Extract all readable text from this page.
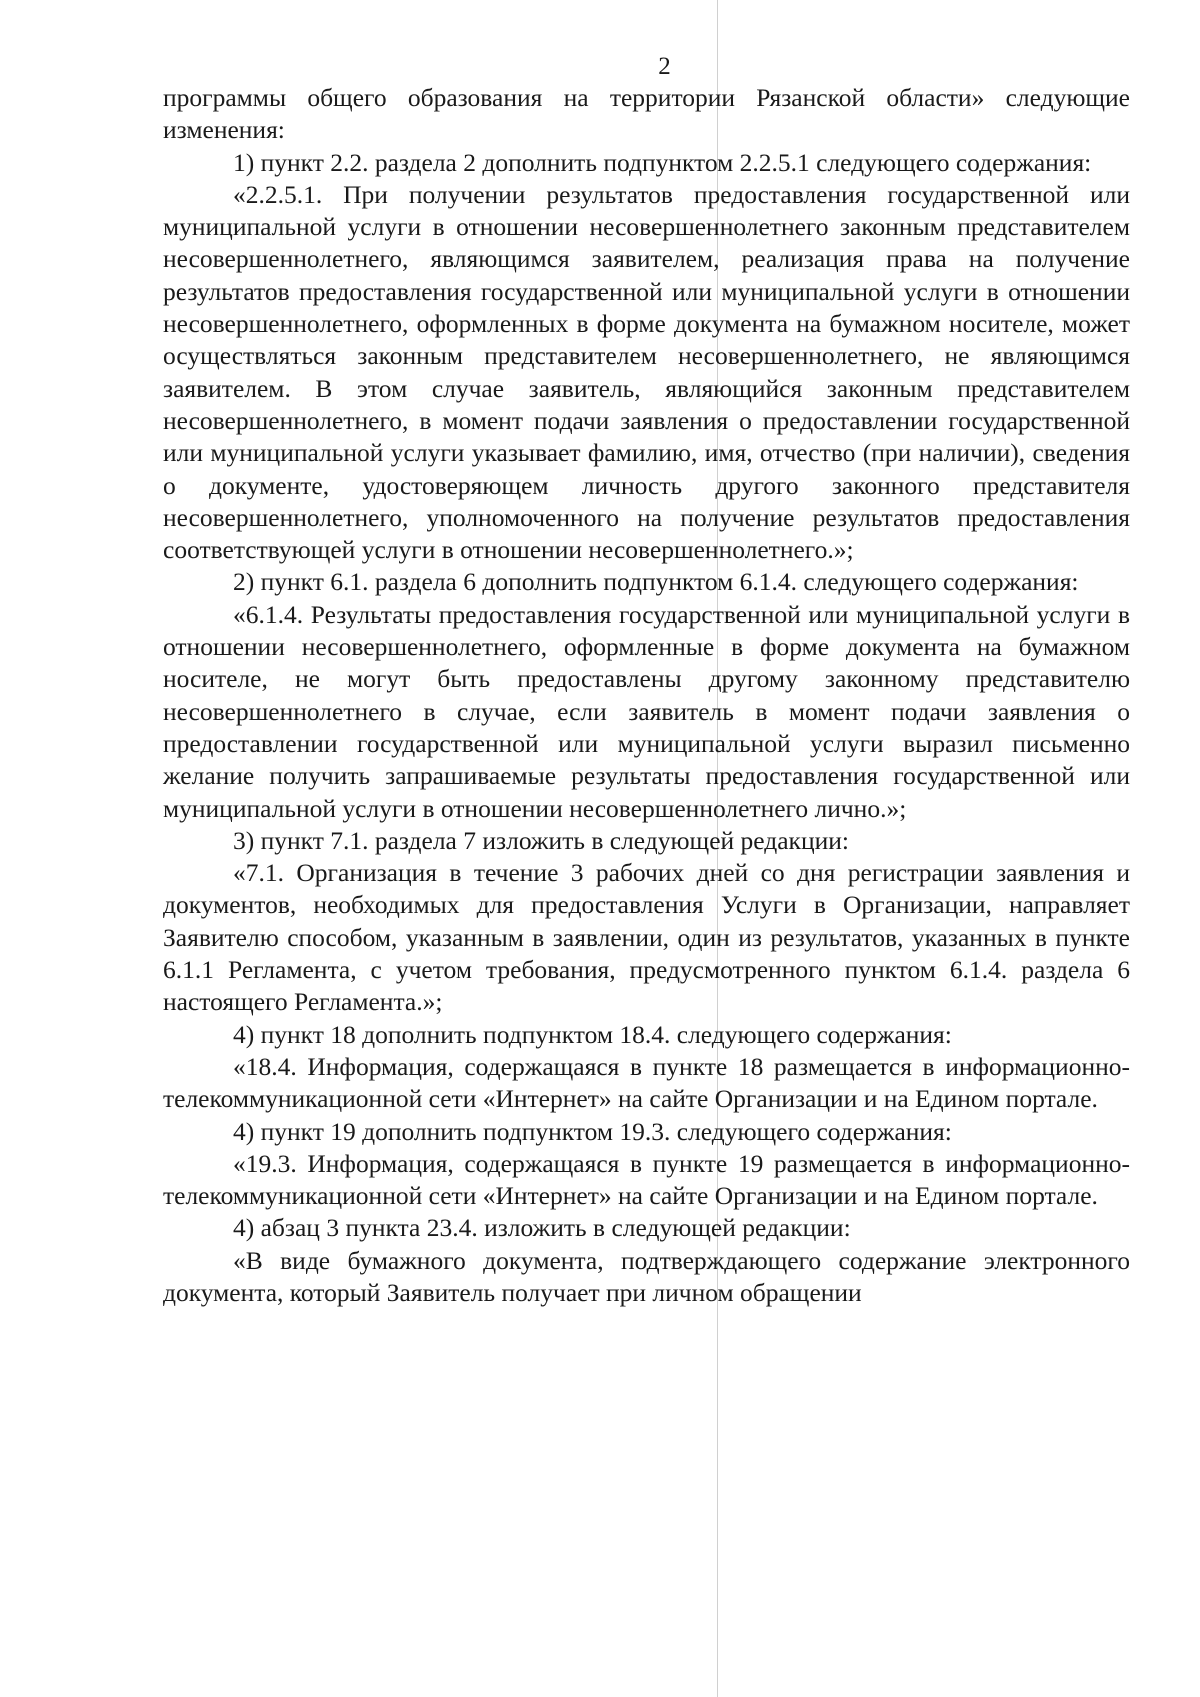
2

программы общего образования на территории Рязанской области» следующие изменения:

1) пункт 2.2. раздела 2 дополнить подпунктом 2.2.5.1 следующего содержания:

«2.2.5.1. При получении результатов предоставления государственной или муниципальной услуги в отношении несовершеннолетнего законным представителем несовершеннолетнего, являющимся заявителем, реализация права на получение результатов предоставления государственной или муниципальной услуги в отношении несовершеннолетнего, оформленных в форме документа на бумажном носителе, может осуществляться законным представителем несовершеннолетнего, не являющимся заявителем. В этом случае заявитель, являющийся законным представителем несовершеннолетнего, в момент подачи заявления о предоставлении государственной или муниципальной услуги указывает фамилию, имя, отчество (при наличии), сведения о документе, удостоверяющем личность другого законного представителя несовершеннолетнего, уполномоченного на получение результатов предоставления соответствующей услуги в отношении несовершеннолетнего.»;

2) пункт 6.1. раздела 6 дополнить подпунктом 6.1.4. следующего содержания:

«6.1.4. Результаты предоставления государственной или муниципальной услуги в отношении несовершеннолетнего, оформленные в форме документа на бумажном носителе, не могут быть предоставлены другому законному представителю несовершеннолетнего в случае, если заявитель в момент подачи заявления о предоставлении государственной или муниципальной услуги выразил письменно желание получить запрашиваемые результаты предоставления государственной или муниципальной услуги в отношении несовершеннолетнего лично.»;

3) пункт 7.1. раздела 7 изложить в следующей редакции:

«7.1. Организация в течение 3 рабочих дней со дня регистрации заявления и документов, необходимых для предоставления Услуги в Организации, направляет Заявителю способом, указанным в заявлении, один из результатов, указанных в пункте 6.1.1 Регламента, с учетом требования, предусмотренного пунктом 6.1.4. раздела 6 настоящего Регламента.»;

4) пункт 18 дополнить подпунктом 18.4. следующего содержания:

«18.4. Информация, содержащаяся в пункте 18 размещается в информационно-телекоммуникационной сети «Интернет» на сайте Организации и на Едином портале.

4) пункт 19 дополнить подпунктом 19.3. следующего содержания:

«19.3. Информация, содержащаяся в пункте 19 размещается в информационно-телекоммуникационной сети «Интернет» на сайте Организации и на Едином портале.

4) абзац 3 пункта 23.4. изложить в следующей редакции:

«В виде бумажного документа, подтверждающего содержание электронного документа, который Заявитель получает при личном обращении
